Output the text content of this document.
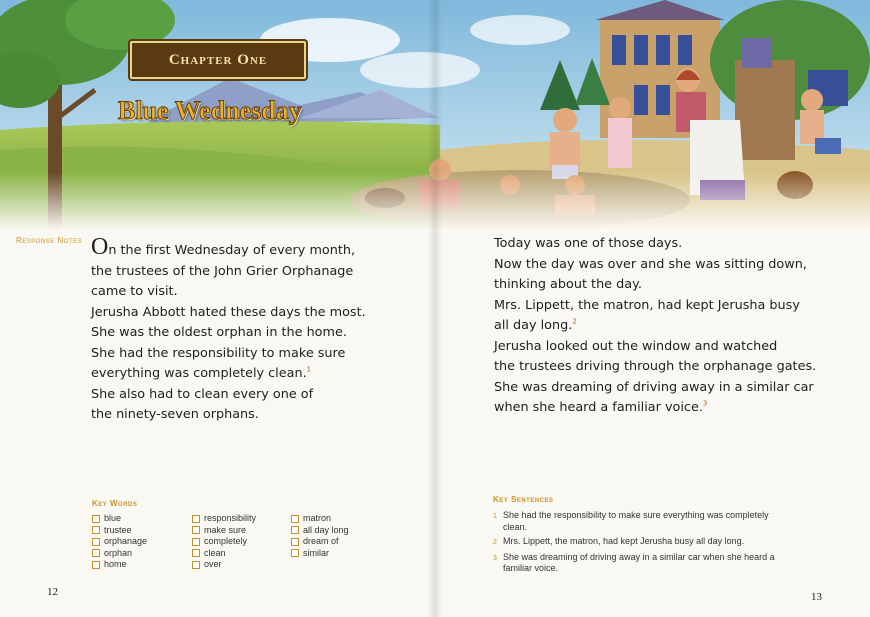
Chapter One
Blue Wednesday
Response Notes On the first Wednesday of every month,

the trustees of the John Grier Orphanage

came to visit.

Jerusha Abbott hated these days the most.

She was the oldest orphan in the home.

She had the responsibility to make sure

everything was completely clean.$^1$

She also had to clean every one of

the ninety-seven orphans.

Key Words
blue
trustee
orphanage
orphan
home
responsibility
make sure
completely
clean
over
matron
all day long
dream of
similar
12

Today was one of those days.

Now the day was over and she was sitting down,

thinking about the day.

Mrs. Lippett, the matron, had kept Jerusha busy

all day long.$^2$

Jerusha looked out the window and watched

the trustees driving through the orphanage gates.

She was dreaming of driving away in a similar car

when she heard a familiar voice.$^3$

Key Sentences
1 She had the responsibility to make sure everything was completely clean.
2 Mrs. Lippett, the matron, had kept Jerusha busy all day long.
3 She was dreaming of driving away in a similar car when she heard a familiar voice.
13
